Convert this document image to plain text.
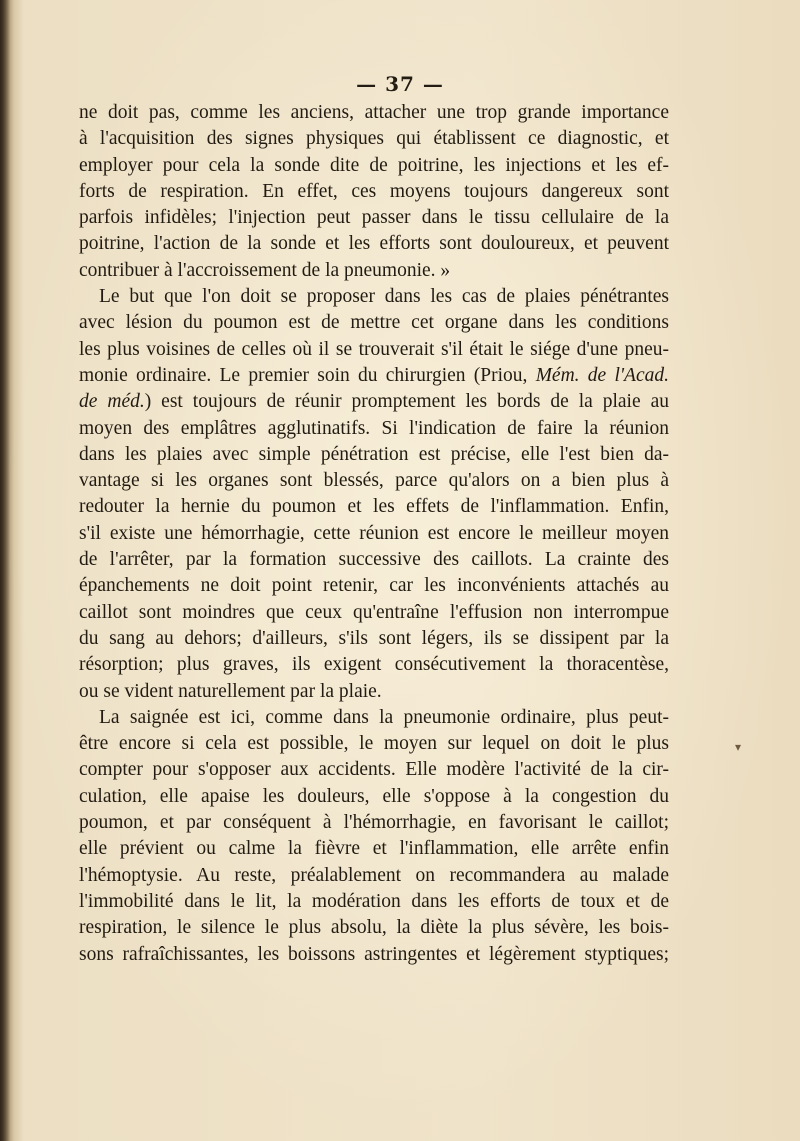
— 37 —
▾
ne doit pas, comme les anciens, attacher une trop grande importance
à l'acquisition des signes physiques qui établissent ce diagnostic, et
employer pour cela la sonde dite de poitrine, les injections et les ef-
forts de respiration. En effet, ces moyens toujours dangereux sont
parfois infidèles; l'injection peut passer dans le tissu cellulaire de la
poitrine, l'action de la sonde et les efforts sont douloureux, et peuvent
contribuer à l'accroissement de la pneumonie. »
Le but que l'on doit se proposer dans les cas de plaies pénétrantes
avec lésion du poumon est de mettre cet organe dans les conditions
les plus voisines de celles où il se trouverait s'il était le siége d'une pneu-
monie ordinaire. Le premier soin du chirurgien (Priou, Mém. de l'Acad.
de méd.) est toujours de réunir promptement les bords de la plaie au
moyen des emplâtres agglutinatifs. Si l'indication de faire la réunion
dans les plaies avec simple pénétration est précise, elle l'est bien da-
vantage si les organes sont blessés, parce qu'alors on a bien plus à
redouter la hernie du poumon et les effets de l'inflammation. Enfin,
s'il existe une hémorrhagie, cette réunion est encore le meilleur moyen
de l'arrêter, par la formation successive des caillots. La crainte des
épanchements ne doit point retenir, car les inconvénients attachés au
caillot sont moindres que ceux qu'entraîne l'effusion non interrompue
du sang au dehors; d'ailleurs, s'ils sont légers, ils se dissipent par la
résorption; plus graves, ils exigent consécutivement la thoracentèse,
ou se vident naturellement par la plaie.
La saignée est ici, comme dans la pneumonie ordinaire, plus peut-
être encore si cela est possible, le moyen sur lequel on doit le plus
compter pour s'opposer aux accidents. Elle modère l'activité de la cir-
culation, elle apaise les douleurs, elle s'oppose à la congestion du
poumon, et par conséquent à l'hémorrhagie, en favorisant le caillot;
elle prévient ou calme la fièvre et l'inflammation, elle arrête enfin
l'hémoptysie. Au reste, préalablement on recommandera au malade
l'immobilité dans le lit, la modération dans les efforts de toux et de
respiration, le silence le plus absolu, la diète la plus sévère, les bois-
sons rafraîchissantes, les boissons astringentes et légèrement styptiques;
